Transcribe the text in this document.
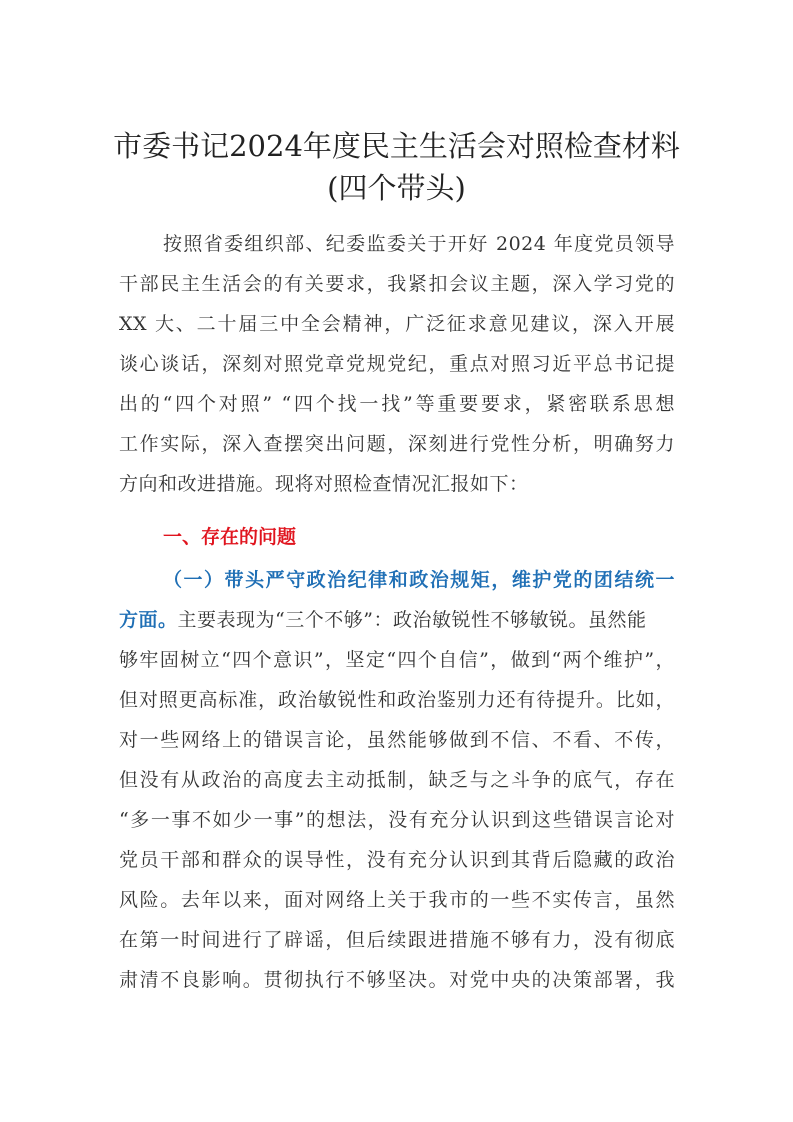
市委书记2024年度民主生活会对照检查材料
(四个带头)
按照省委组织部、纪委监委关于开好 2024 年度党员领导
干部民主生活会的有关要求，我紧扣会议主题，深入学习党的
XX 大、二十届三中全会精神，广泛征求意见建议，深入开展
谈心谈话，深刻对照党章党规党纪，重点对照习近平总书记提
出的“四个对照” “四个找一找”等重要要求，紧密联系思想
工作实际，深入查摆突出问题，深刻进行党性分析，明确努力
方向和改进措施。现将对照检查情况汇报如下：
一、存在的问题
（一）带头严守政治纪律和政治规矩，维护党的团结统一
方面。主要表现为“三个不够”：政治敏锐性不够敏锐。虽然能
够牢固树立“四个意识”，坚定“四个自信”，做到“两个维护”，
但对照更高标准，政治敏锐性和政治鉴别力还有待提升。比如，
对一些网络上的错误言论，虽然能够做到不信、不看、不传，
但没有从政治的高度去主动抵制，缺乏与之斗争的底气，存在
“多一事不如少一事”的想法，没有充分认识到这些错误言论对
党员干部和群众的误导性，没有充分认识到其背后隐藏的政治
风险。去年以来，面对网络上关于我市的一些不实传言，虽然
在第一时间进行了辟谣，但后续跟进措施不够有力，没有彻底
肃清不良影响。贯彻执行不够坚决。对党中央的决策部署，我
